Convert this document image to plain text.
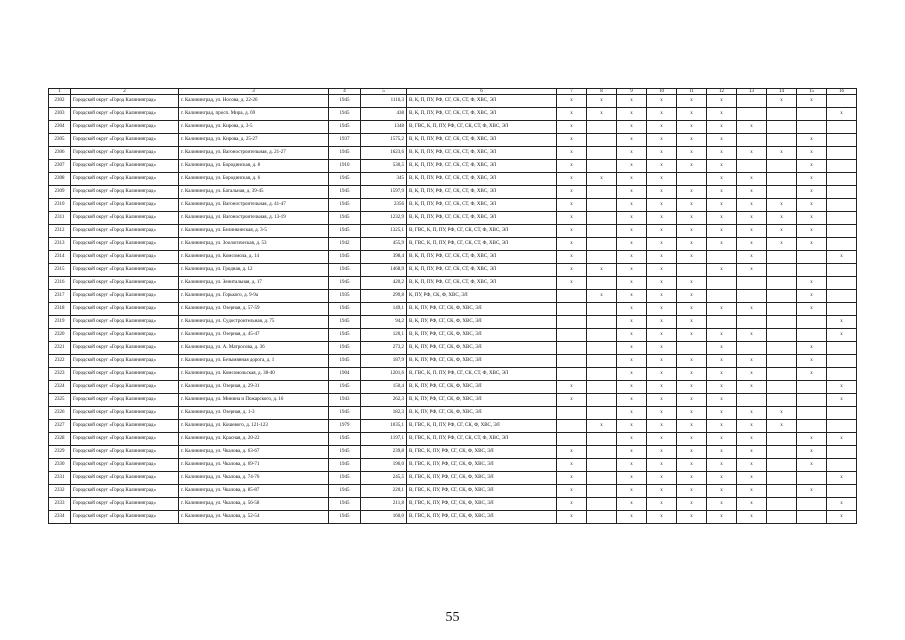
1	2	3	4	5	6	7	8	9	10	11	12	13	14	15	16
2302	Городской округ «Город Калининград»	г. Калининград, ул. Носова, д. 22-26	1945	1116,3	В, К, П, ПУ, РФ, СГ, СК, СТ, Ф, ХВС, ЭЛ	х	х	х	х	х	х		х	х	
2303	Городской округ «Город Калининград»	г. Калининград, просп. Мира, д. 69	1945	438	В, К, П, ПУ, РФ, СГ, СК, СТ, Ф, ХВС, ЭЛ	х	х	х	х	х	х				х
2304	Городской округ «Город Калининград»	г. Калининград, ул. Кирова, д. 3-5	1945	1348	В, ГВС, К, П, ПУ, РФ, СГ, СК, СТ, Ф, ХВС, ЭЛ	х		х	х	х	х	х			
2305	Городской округ «Город Калининград»	г. Калининград, ул. Кирова, д. 25-27	1937	1575,2	В, К, П, ПУ, РФ, СГ, СК, СТ, Ф, ХВС, ЭЛ	х		х	х	х	х			х	
2306	Городской округ «Город Калининград»	г. Калининград, ул. Вагоностроительная, д. 21-27	1945	1623,6	В, К, П, ПУ, РФ, СГ, СК, СТ, Ф, ХВС, ЭЛ	х		х	х	х	х	х	х	х	
2307	Городской округ «Город Калининград»	г. Калининград, ул. Бородинская, д. 8	1910	530,5	В, К, П, ПУ, РФ, СГ, СК, СТ, Ф, ХВС, ЭЛ	х		х	х	х	х			х	
2308	Городской округ «Город Калининград»	г. Калининград, ул. Бородинская, д. 6	1945	345	В, К, П, ПУ, РФ, СГ, СК, СТ, Ф, ХВС, ЭЛ	х	х	х	х		х	х		х	
2309	Городской округ «Город Калининград»	г. Калининград, ул. Батальная, д. 39-45	1945	1597,9	В, К, П, ПУ, РФ, СГ, СК, СТ, Ф, ХВС, ЭЛ	х		х	х	х	х	х		х	
2310	Городской округ «Город Калининград»	г. Калининград, ул. Вагоностроительная, д. 41-47	1945	2356	В, К, П, ПУ, РФ, СГ, СК, СТ, Ф, ХВС, ЭЛ	х		х	х	х	х	х	х	х	
2311	Городской округ «Город Калининград»	г. Калининград, ул. Вагоностроительная, д. 13-19	1945	1232,9	В, К, П, ПУ, РФ, СГ, СК, СТ, Ф, ХВС, ЭЛ	х		х	х	х	х	х	х	х	
2312	Городской округ «Город Калининград»	г. Калининград, ул. Белинкинская, д. 3-5	1945	1325,1	В, ГВС, К, П, ПУ, РФ, СГ, СК, СТ, Ф, ХВС, ЭЛ	х		х	х	х	х	х	х	х	
2313	Городской округ «Город Калининград»	г. Калининград, ул. Зоологическая, д. 53	1942	455,9	В, ГВС, К, П, ПУ, РФ, СГ, СК, СТ, Ф, ХВС, ЭЛ	х		х	х	х	х	х	х	х	
2314	Городской округ «Город Калининград»	г. Калининград, ул. Комсомола, д. 14	1945	398,4	В, К, П, ПУ, РФ, СГ, СК, СТ, Ф, ХВС, ЭЛ	х		х	х	х		х			х
2315	Городской округ «Город Калининград»	г. Калининград, ул. Гродная, д. 12	1945	1468,9	В, К, П, ПУ, РФ, СГ, СК, СТ, Ф, ХВС, ЭЛ	х	х	х	х		х	х			
2316	Городской округ «Город Калининград»	г. Калининград, ул. Зенитальная, д. 17	1945	420,2	В, К, П, ПУ, РФ, СГ, СК, СТ, Ф, ХВС, ЭЛ	х		х	х	х				х	
2317	Городской округ «Город Калининград»	г. Калининград, ул. Горького, д. 9-9а	1935	299,8	К, ПУ, РФ, СК, Ф, ХВС, ЭЛ		х	х	х	х				х	
2318	Городской округ «Город Калининград»	г. Калининград, ул. Озерная, д. 57-59	1945	149,1	В, К, ПУ, РФ, СГ, СК, Ф, ХВС, ЭЛ			х	х	х	х	х		х	
2319	Городской округ «Город Калининград»	г. Калининград, ул. Судостроительная, д. 75	1945	94,2	В, К, ПУ, РФ, СГ, СК, Ф, ХВС, ЭЛ			х	х	х					х
2320	Городской округ «Город Калининград»	г. Калининград, ул. Озерная, д. 45-47	1945	120,1	В, К, ПУ, РФ, СГ, СК, Ф, ХВС, ЭЛ			х	х	х	х	х			х
2321	Городской округ «Город Калининград»	г. Калининград, ул. А. Матросова, д. 36	1945	273,2	В, К, ПУ, РФ, СГ, СК, Ф, ХВС, ЭЛ			х	х		х			х	
2322	Городской округ «Город Калининград»	г. Калининград, ул. Безымянная дорога, д. 1	1945	187,9	В, К, ПУ, РФ, СГ, СК, Ф, ХВС, ЭЛ			х	х	х	х	х		х	
2323	Городской округ «Город Калининград»	г. Калининград, ул. Комсомольская, д. 38-40	1904	1201,6	В, ГВС, К, П, ПУ, РФ, СГ, СК, СТ, Ф, ХВС, ЭЛ			х	х	х	х	х		х	
2324	Городской округ «Город Калининград»	г. Калининград, ул. Озерная, д. 29-31	1945	150,4	В, К, ПУ, РФ, СГ, СК, Ф, ХВС, ЭЛ	х		х	х	х	х	х			х
2325	Городской округ «Город Калининград»	г. Калининград, ул. Минина и Пожарского, д. 16	1943	262,3	В, К, ПУ, РФ, СГ, СК, Ф, ХВС, ЭЛ	х		х	х	х	х				х
2326	Городской округ «Город Калининград»	г. Калининград, ул. Озерная, д. 1-3	1945	182,3	В, К, ПУ, РФ, СГ, СК, Ф, ХВС, ЭЛ			х	х	х	х	х	х		
2327	Городской округ «Город Калининград»	г. Калининград, ул. Кошевого, д. 121-123	1979	1035,1	В, ГВС, К, П, ПУ, РФ, СГ, СК, Ф, ХВС, ЭЛ		х	х	х	х	х	х	х		
2328	Городской округ «Город Калининград»	г. Калининград, ул. Красная, д. 20-22	1945	1197,1	В, ГВС, К, П, ПУ, РФ, СГ, СК, СТ, Ф, ХВС, ЭЛ			х	х	х	х	х		х	х
2329	Городской округ «Город Калининград»	г. Калининград, ул. Чкалова, д. 63-67	1945	239,8	В, ГВС, К, ПУ, РФ, СГ, СК, Ф, ХВС, ЭЛ	х		х	х	х	х	х		х	
2330	Городской округ «Город Калининград»	г. Калининград, ул. Чкалова, д. 69-71	1945	196,0	В, ГВС, К, ПУ, РФ, СГ, СК, Ф, ХВС, ЭЛ	х		х	х	х	х	х		х	
2331	Городской округ «Город Калининград»	г. Калининград, ул. Чкалова, д. 74-76	1945	245,5	В, ГВС, К, ПУ, РФ, СГ, СК, Ф, ХВС, ЭЛ	х		х	х	х	х	х			х
2332	Городской округ «Город Калининград»	г. Калининград, ул. Чкалова, д. 85-87	1945	220,1	В, ГВС, К, ПУ, РФ, СГ, СК, Ф, ХВС, ЭЛ	х		х	х	х	х	х		х	
2333	Городской округ «Город Калининград»	г. Калининград, ул. Чкалова, д. 56-58	1945	211,8	В, ГВС, К, ПУ, РФ, СГ, СК, Ф, ХВС, ЭЛ	х		х	х	х	х	х			х
2334	Городской округ «Город Калининград»	г. Калининград, ул. Чкалова, д. 52-54	1945	160,0	В, ГВС, К, ПУ, РФ, СГ, СК, Ф, ХВС, ЭЛ	х		х	х	х	х	х			х
55
